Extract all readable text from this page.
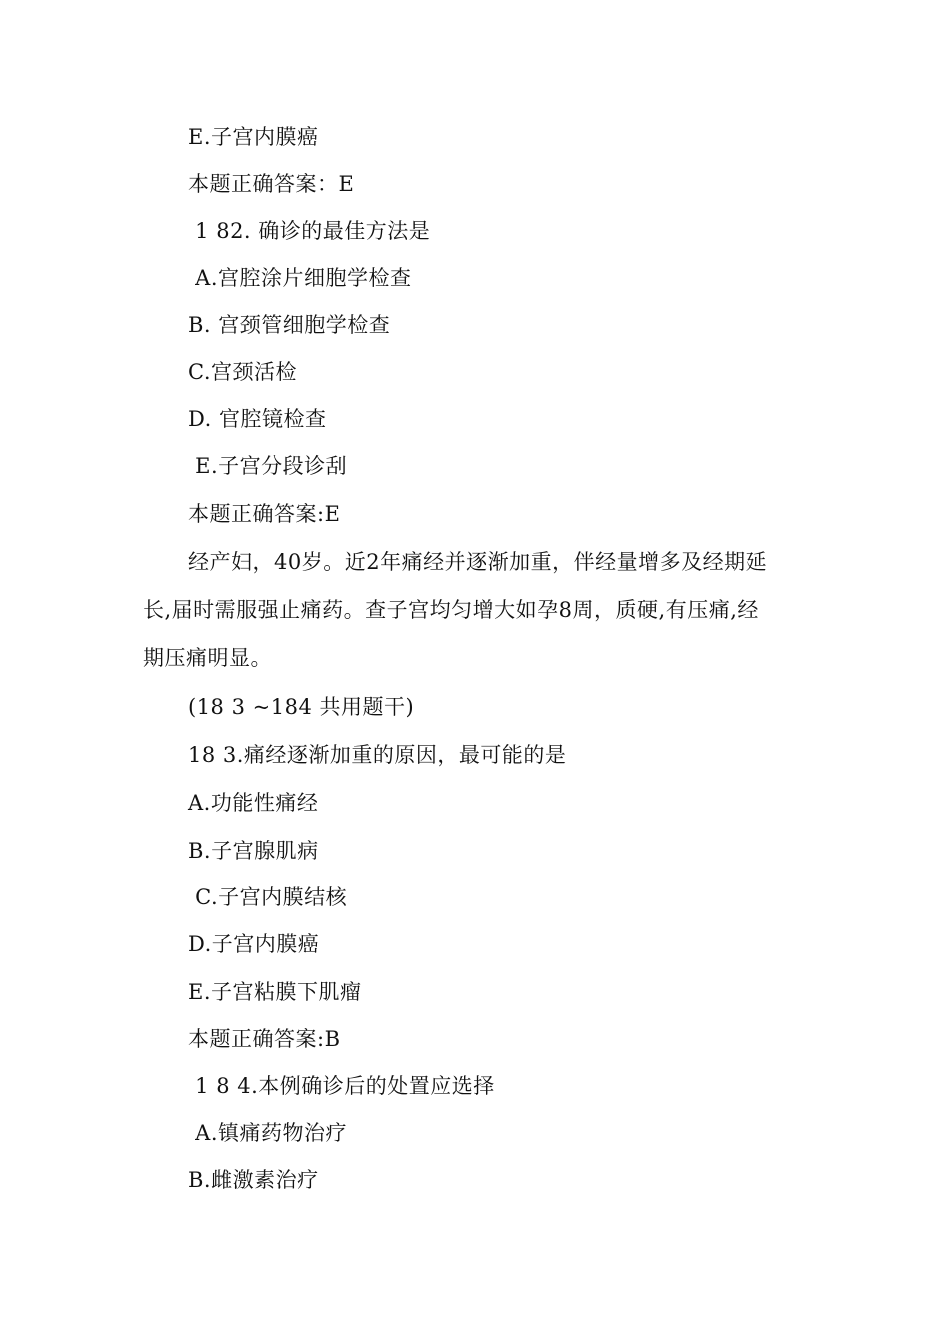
E.子宫内膜癌
本题正确答案：E
1 82. 确诊的最佳方法是
A.宫腔涂片细胞学检查
B. 宫颈管细胞学检查
C.宫颈活检
D. 官腔镜检查
E.子宫分段诊刮
本题正确答案:E
经产妇，40岁。近2年痛经并逐渐加重，伴经量增多及经期延
长,届时需服强止痛药。查子宫均匀增大如孕8周，质硬,有压痛,经
期压痛明显。
(18 3 ~184 共用题干)
18 3.痛经逐渐加重的原因，最可能的是
A.功能性痛经
B.子宫腺肌病
C.子宫内膜结核
D.子宫内膜癌
E.子宫粘膜下肌瘤
本题正确答案:B
1 8 4.本例确诊后的处置应选择
A.镇痛药物治疗
B.雌激素治疗
